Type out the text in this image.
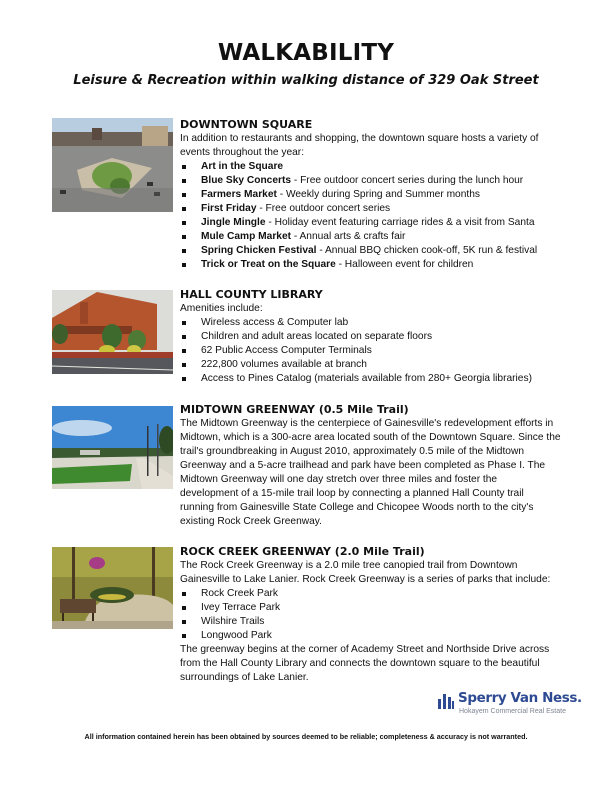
WALKABILITY
Leisure & Recreation within walking distance of 329 Oak Street
DOWNTOWN SQUARE

In addition to restaurants and shopping, the downtown square hosts a variety of

events throughout the year:

Art in the Square
Blue Sky Concerts - Free outdoor concert series during the lunch hour
Farmers Market - Weekly during Spring and Summer months
First Friday - Free outdoor concert series
Jingle Mingle - Holiday event featuring carriage rides & a visit from Santa
Mule Camp Market - Annual arts & crafts fair
Spring Chicken Festival - Annual BBQ chicken cook-off, 5K run & festival
Trick or Treat on the Square - Halloween event for children
HALL COUNTY LIBRARY

Amenities include:

Wireless access & Computer lab
Children and adult areas located on separate floors
62 Public Access Computer Terminals
222,800 volumes available at branch
Access to Pines Catalog (materials available from 280+ Georgia libraries)
MIDTOWN GREENWAY (0.5 Mile Trail)

The Midtown Greenway is the centerpiece of Gainesville's redevelopment efforts in

Midtown, which is a 300-acre area located south of the Downtown Square. Since the

trail's groundbreaking in August 2010, approximately 0.5 mile of the Midtown

Greenway and a 5-acre trailhead and park have been completed as Phase I. The

Midtown Greenway will one day stretch over three miles and foster the

development of a 15-mile trail loop by connecting a planned Hall County trail

running from Gainesville State College and Chicopee Woods north to the city's

existing Rock Creek Greenway.

ROCK CREEK GREENWAY (2.0 Mile Trail)

The Rock Creek Greenway is a 2.0 mile tree canopied trail from Downtown

Gainesville to Lake Lanier. Rock Creek Greenway is a series of parks that include:

Rock Creek Park
Ivey Terrace Park
Wilshire Trails
Longwood Park

The greenway begins at the corner of Academy Street and Northside Drive across

from the Hall County Library and connects the downtown square to the beautiful

surroundings of Lake Lanier.

Sperry Van Ness.
Hokayem Commercial Real Estate
All information contained herein has been obtained by sources deemed to be reliable; completeness & accuracy is not warranted.
